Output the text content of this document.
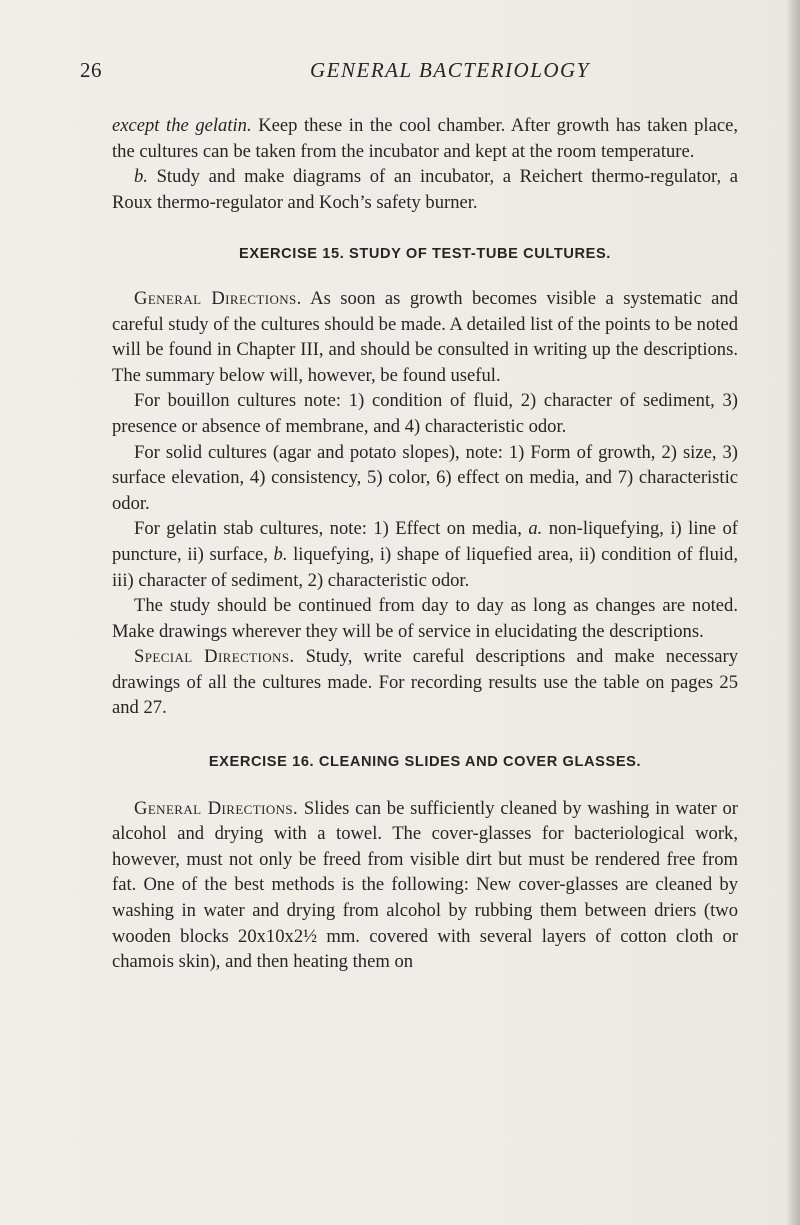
26	GENERAL BACTERIOLOGY

except the gelatin. Keep these in the cool chamber. After growth has taken place, the cultures can be taken from the incubator and kept at the room temperature.

b. Study and make diagrams of an incubator, a Reichert thermo-regulator, a Roux thermo-regulator and Koch’s safety burner.

EXERCISE 15. STUDY OF TEST-TUBE CULTURES.

General Directions. As soon as growth becomes visible a systematic and careful study of the cultures should be made. A detailed list of the points to be noted will be found in Chapter III, and should be consulted in writing up the descriptions. The summary below will, however, be found useful.

For bouillon cultures note: 1) condition of fluid, 2) character of sediment, 3) presence or absence of membrane, and 4) characteristic odor.

For solid cultures (agar and potato slopes), note: 1) Form of growth, 2) size, 3) surface elevation, 4) consistency, 5) color, 6) effect on media, and 7) characteristic odor.

For gelatin stab cultures, note: 1) Effect on media, a. non-liquefying, i) line of puncture, ii) surface, b. liquefying, i) shape of liquefied area, ii) condition of fluid, iii) character of sediment, 2) characteristic odor.

The study should be continued from day to day as long as changes are noted. Make drawings wherever they will be of service in elucidating the descriptions.

Special Directions. Study, write careful descriptions and make necessary drawings of all the cultures made. For recording results use the table on pages 25 and 27.

EXERCISE 16. CLEANING SLIDES AND COVER GLASSES.

General Directions. Slides can be sufficiently cleaned by washing in water or alcohol and drying with a towel. The cover-glasses for bacteriological work, however, must not only be freed from visible dirt but must be rendered free from fat. One of the best methods is the following: New cover-glasses are cleaned by washing in water and drying from alcohol by rubbing them between driers (two wooden blocks 20x10x2½ mm. covered with several layers of cotton cloth or chamois skin), and then heating them on
